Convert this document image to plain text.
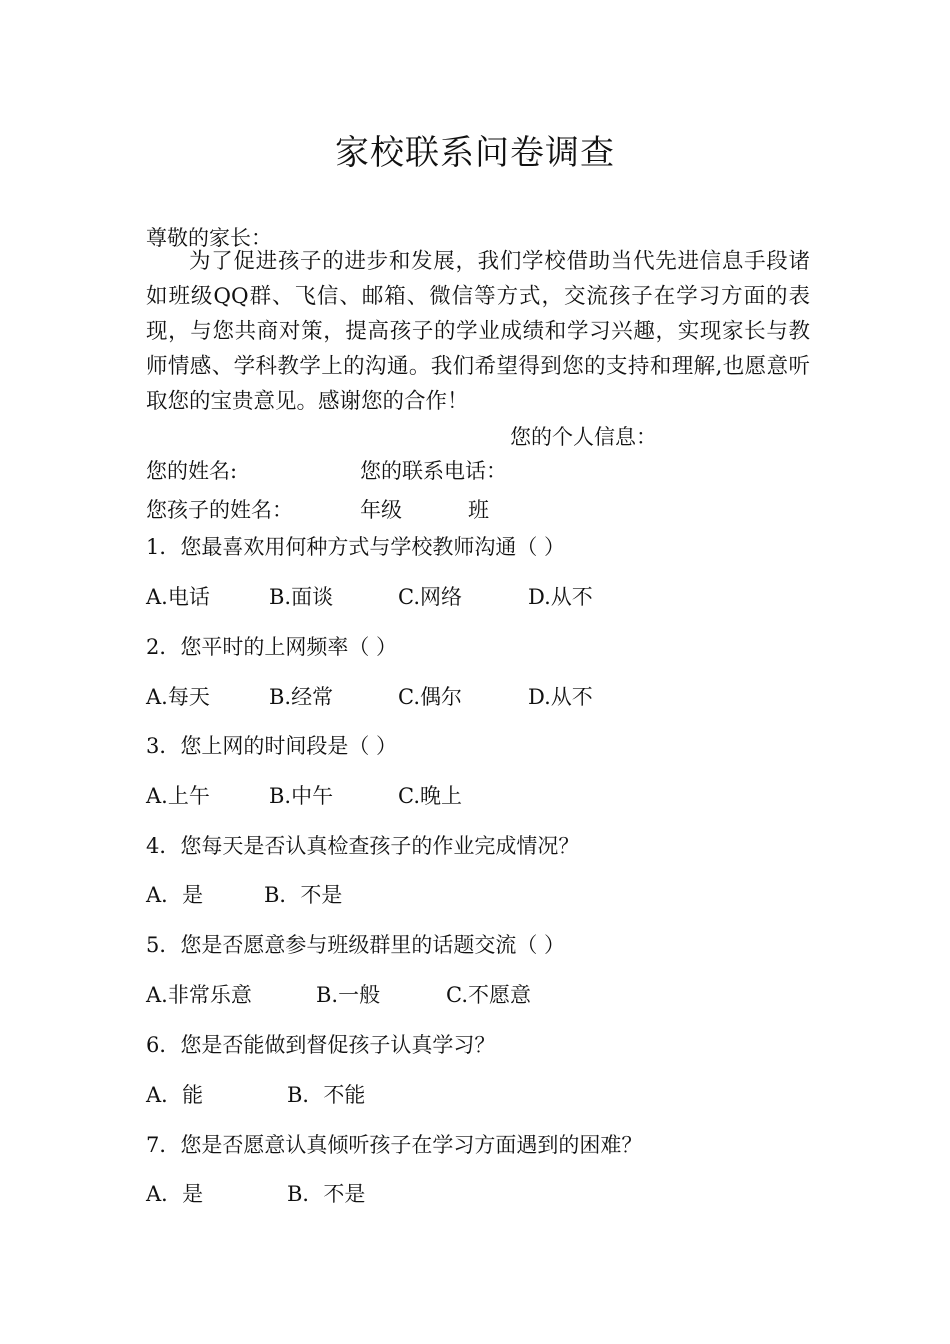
家校联系问卷调查
尊敬的家长：

为了促进孩子的进步和发展，我们学校借助当代先进信息手段诸如班级QQ群、飞信、邮箱、微信等方式，交流孩子在学习方面的表现，与您共商对策，提高孩子的学业成绩和学习兴趣，实现家长与教师情感、学科教学上的沟通。我们希望得到您的支持和理解,也愿意听取您的宝贵意见。感谢您的合作！

您的个人信息：
您的姓名:	您的联系电话：
您孩子的姓名：	年级	班
1．您最喜欢用何种方式与学校教师沟通（ ）
A.电话	B.面谈	C.网络	D.从不
2．您平时的上网频率（ ）
A.每天	B.经常	C.偶尔	D.从不
3．您上网的时间段是（ ）
A.上午	B.中午	C.晚上
4．您每天是否认真检查孩子的作业完成情况？
A．是	B．不是
5．您是否愿意参与班级群里的话题交流（ ）
A.非常乐意	B.一般	C.不愿意
6．您是否能做到督促孩子认真学习？
A．能	B．不能
7．您是否愿意认真倾听孩子在学习方面遇到的困难？
A．是	B．不是
